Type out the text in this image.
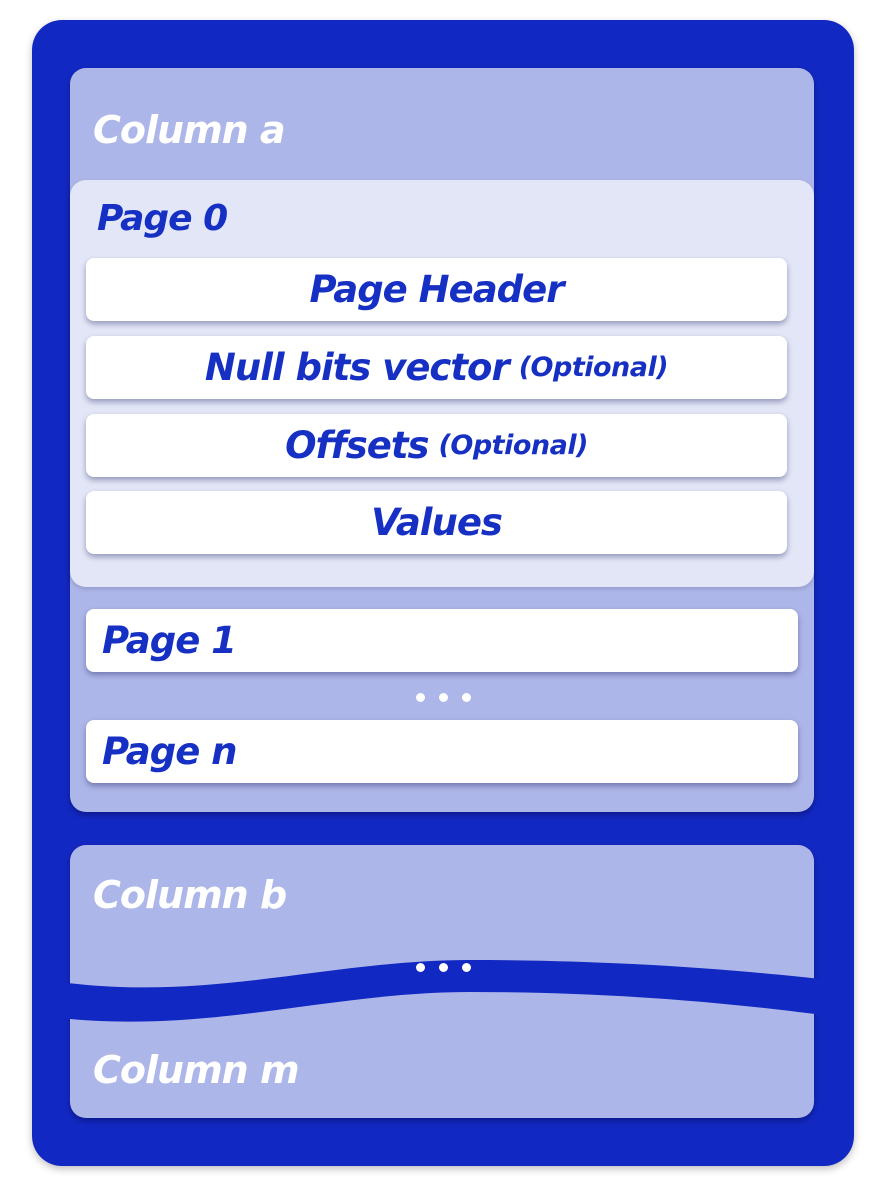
Column a
Page 0
Page Header
Null bits vector (Optional)
Offsets (Optional)
Values
Page 1
Page n
Column b
Column m
